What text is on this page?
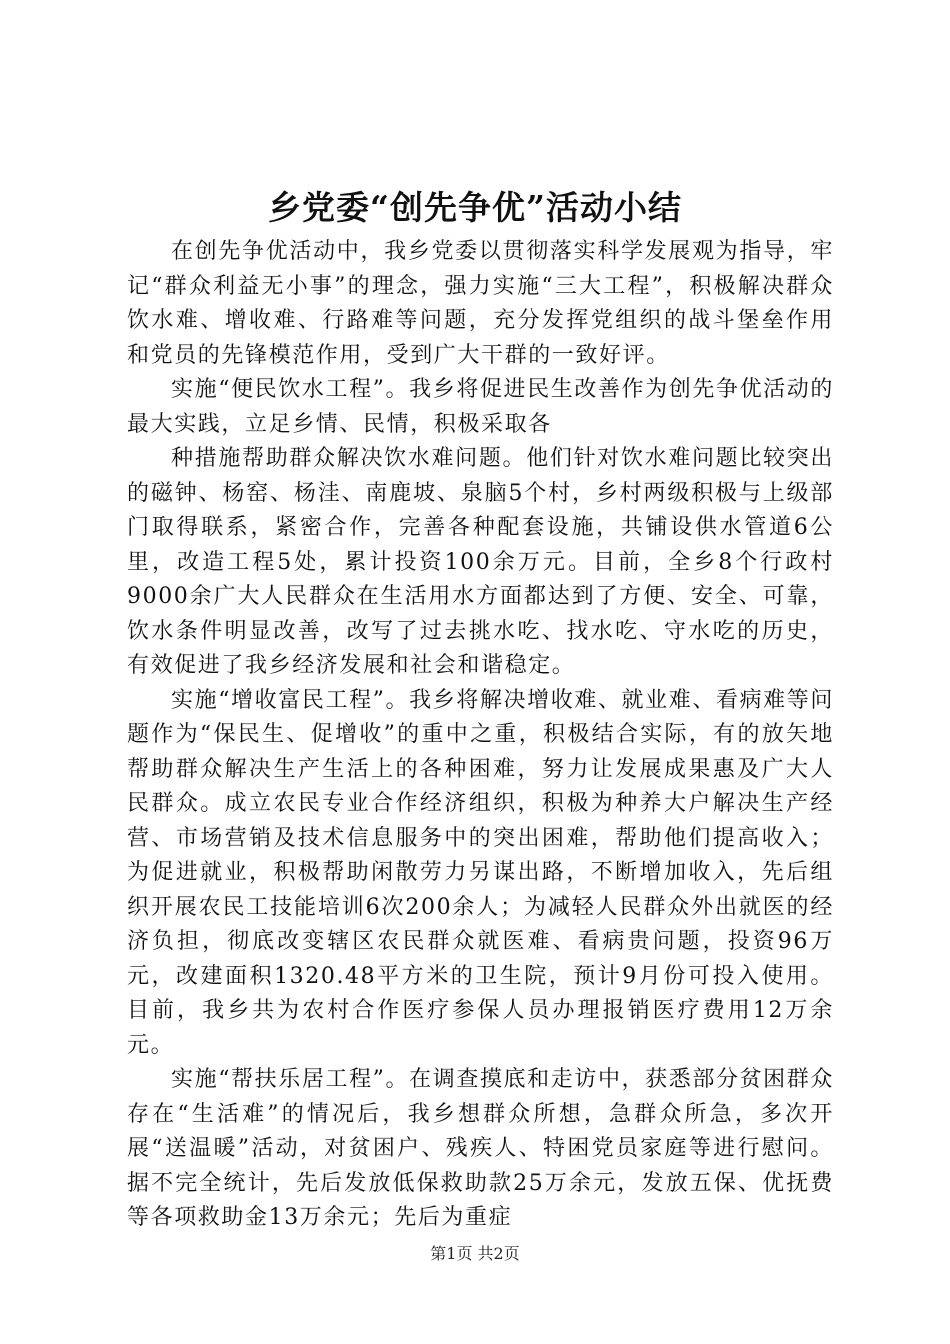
乡党委“创先争优”活动小结

在创先争优活动中，我乡党委以贯彻落实科学发展观为指导，牢记“群众利益无小事”的理念，强力实施“三大工程”，积极解决群众饮水难、增收难、行路难等问题，充分发挥党组织的战斗堡垒作用和党员的先锋模范作用，受到广大干群的一致好评。

实施“便民饮水工程”。我乡将促进民生改善作为创先争优活动的最大实践，立足乡情、民情，积极采取各

种措施帮助群众解决饮水难问题。他们针对饮水难问题比较突出的磁钟、杨窑、杨洼、南鹿坡、泉脑5个村，乡村两级积极与上级部门取得联系，紧密合作，完善各种配套设施，共铺设供水管道6公里，改造工程5处，累计投资100余万元。目前，全乡8个行政村9000余广大人民群众在生活用水方面都达到了方便、安全、可靠，饮水条件明显改善，改写了过去挑水吃、找水吃、守水吃的历史，有效促进了我乡经济发展和社会和谐稳定。

实施“增收富民工程”。我乡将解决增收难、就业难、看病难等问题作为“保民生、促增收”的重中之重，积极结合实际，有的放矢地帮助群众解决生产生活上的各种困难，努力让发展成果惠及广大人民群众。成立农民专业合作经济组织，积极为种养大户解决生产经营、市场营销及技术信息服务中的突出困难，帮助他们提高收入；为促进就业，积极帮助闲散劳力另谋出路，不断增加收入，先后组织开展农民工技能培训6次200余人；为减轻人民群众外出就医的经济负担，彻底改变辖区农民群众就医难、看病贵问题，投资96万元，改建面积1320.48平方米的卫生院，预计9月份可投入使用。目前，我乡共为农村合作医疗参保人员办理报销医疗费用12万余元。

实施“帮扶乐居工程”。在调查摸底和走访中，获悉部分贫困群众存在“生活难”的情况后，我乡想群众所想，急群众所急，多次开展“送温暖”活动，对贫困户、残疾人、特困党员家庭等进行慰问。据不完全统计，先后发放低保救助款25万余元，发放五保、优抚费等各项救助金13万余元；先后为重症

第1页 共2页
